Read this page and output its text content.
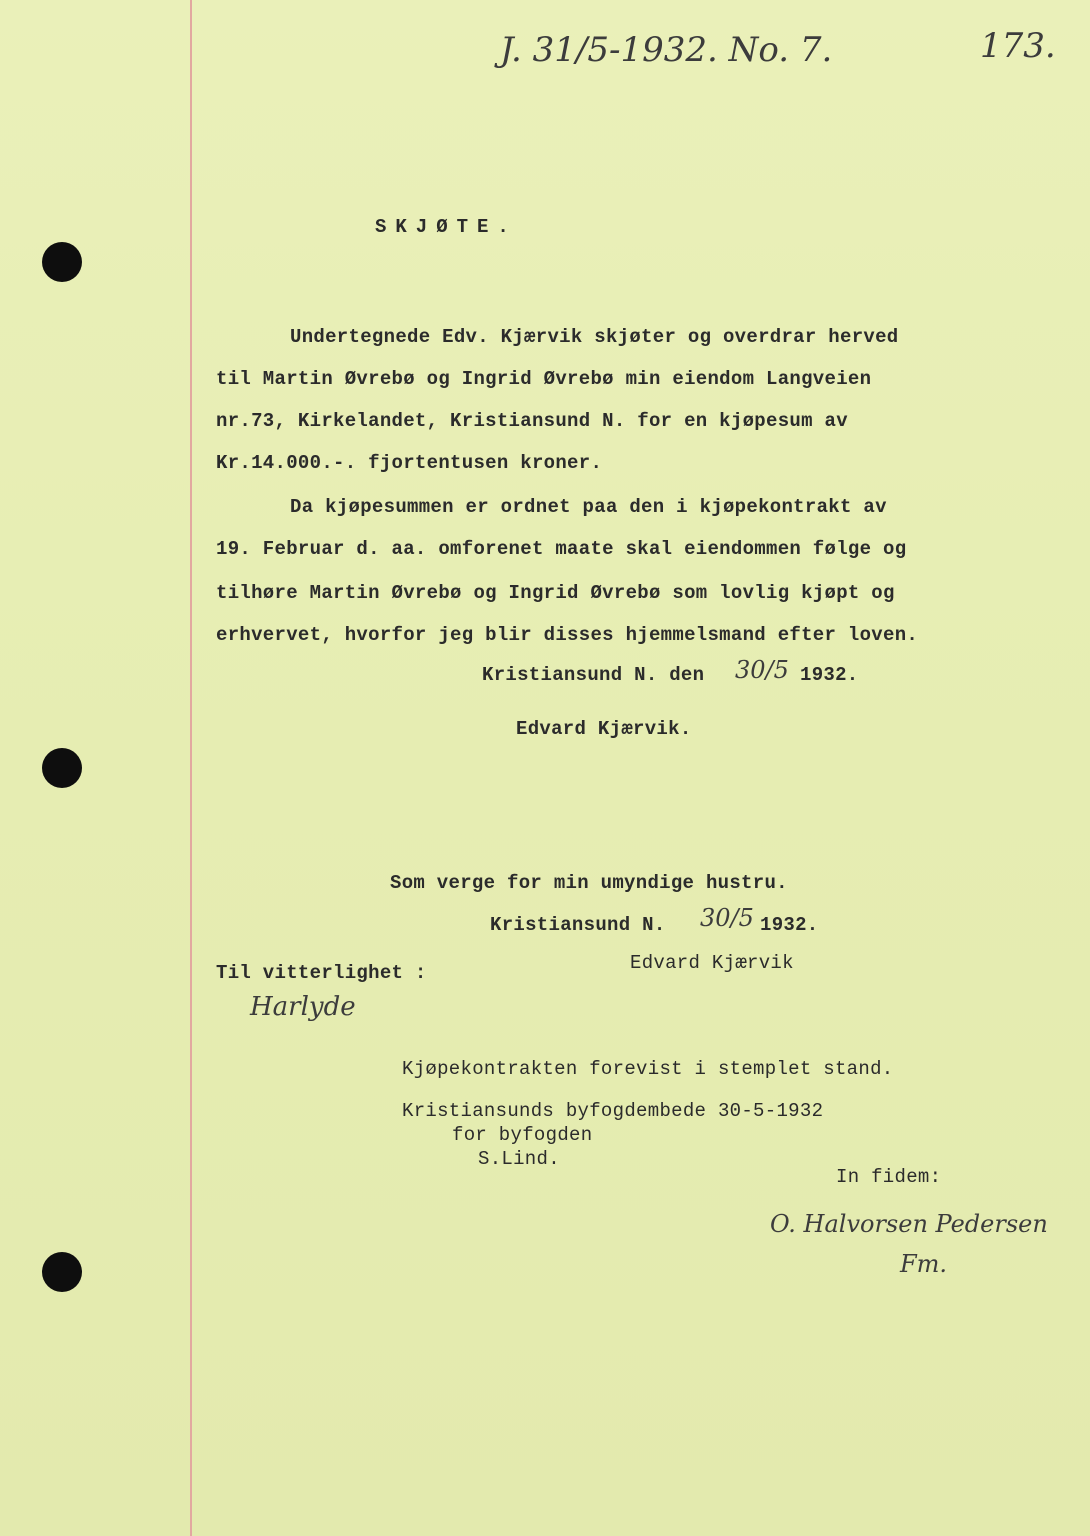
J. 31/5-1932. No. 7.	173.
SKJØTE.
Undertegnede Edv. Kjærvik skjøter og overdrar herved
til Martin Øvrebø og Ingrid Øvrebø min eiendom Langveien
nr.73, Kirkelandet, Kristiansund N. for en kjøpesum av
Kr.14.000.-. fjortentusen kroner.
Da kjøpesummen er ordnet paa den i kjøpekontrakt av
19. Februar d. aa. omforenet maate skal eiendommen følge og
tilhøre Martin Øvrebø og Ingrid Øvrebø som lovlig kjøpt og
erhvervet, hvorfor jeg blir disses hjemmelsmand efter loven.
Kristiansund N. den 30/5 1932.
Edvard Kjærvik.
Som verge for min umyndige hustru.
Kristiansund N. 30/5 1932.
Til vitterlighet :	Edvard Kjærvik
Harlyde
Kjøpekontrakten forevist i stemplet stand.
Kristiansunds byfogdembede 30-5-1932
for byfogden
S.Lind.
In fidem:
O. Halvorsen Pedersen
Fm.
